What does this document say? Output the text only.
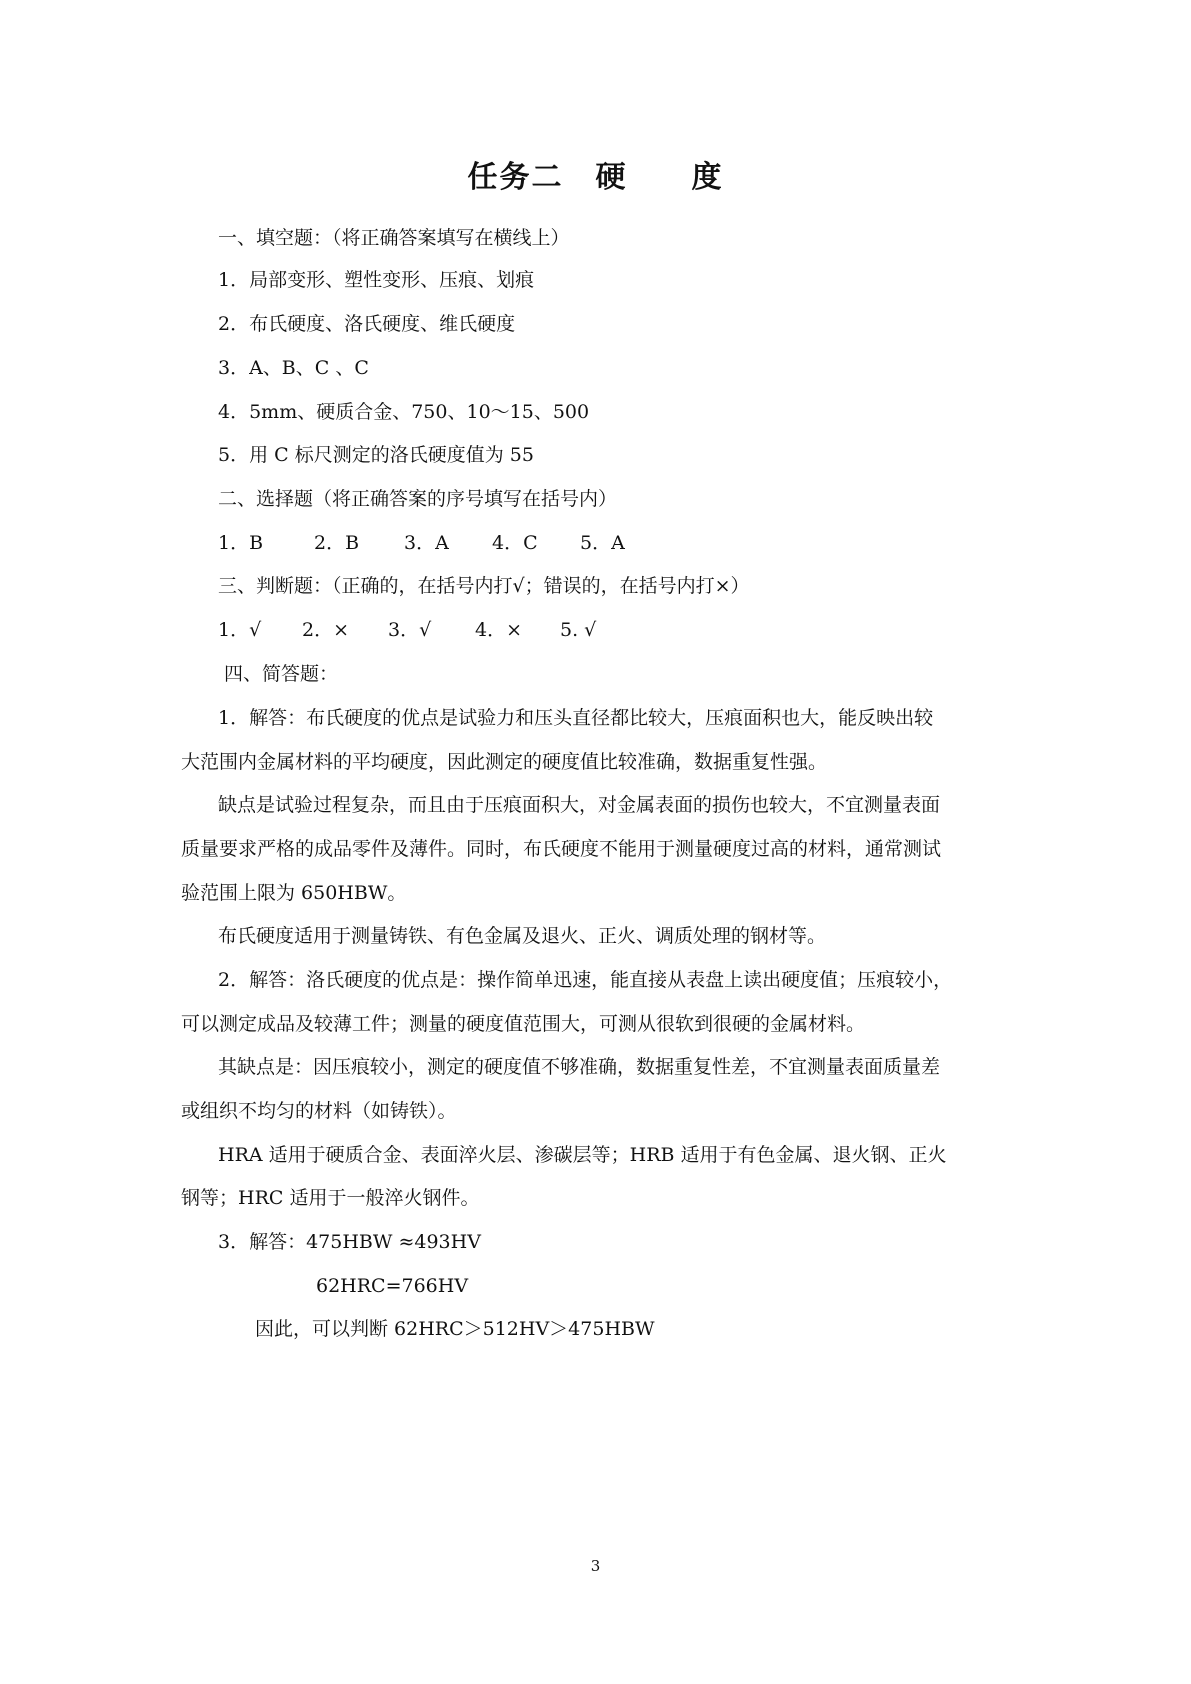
任务二　硬　　度

一、填空题：（将正确答案填写在横线上）

1．局部变形、塑性变形、压痕、划痕

2．布氏硬度、洛氏硬度、维氏硬度

3．A、B、C 、C

4．5mm、硬质合金、750、10～15、500

5．用 C 标尺测定的洛氏硬度值为 55

二、选择题（将正确答案的序号填写在括号内）

1．B	2．B 3．A 4．C 5．A

三、判断题：（正确的，在括号内打√；错误的，在括号内打×）

1．√ 2．× 3．√ 4．× 5. √

四、简答题：

1．解答：布氏硬度的优点是试验力和压头直径都比较大，压痕面积也大，能反映出较

大范围内金属材料的平均硬度，因此测定的硬度值比较准确，数据重复性强。

缺点是试验过程复杂，而且由于压痕面积大，对金属表面的损伤也较大，不宜测量表面

质量要求严格的成品零件及薄件。同时，布氏硬度不能用于测量硬度过高的材料，通常测试

验范围上限为 650HBW。

布氏硬度适用于测量铸铁、有色金属及退火、正火、调质处理的钢材等。

2．解答：洛氏硬度的优点是：操作简单迅速，能直接从表盘上读出硬度值；压痕较小，

可以测定成品及较薄工件；测量的硬度值范围大，可测从很软到很硬的金属材料。

其缺点是：因压痕较小，测定的硬度值不够准确，数据重复性差，不宜测量表面质量差

或组织不均匀的材料（如铸铁）。

HRA 适用于硬质合金、表面淬火层、渗碳层等；HRB 适用于有色金属、退火钢、正火

钢等；HRC 适用于一般淬火钢件。

3．解答：475HBW ≈493HV

62HRC=766HV

因此，可以判断 62HRC＞512HV＞475HBW

3
